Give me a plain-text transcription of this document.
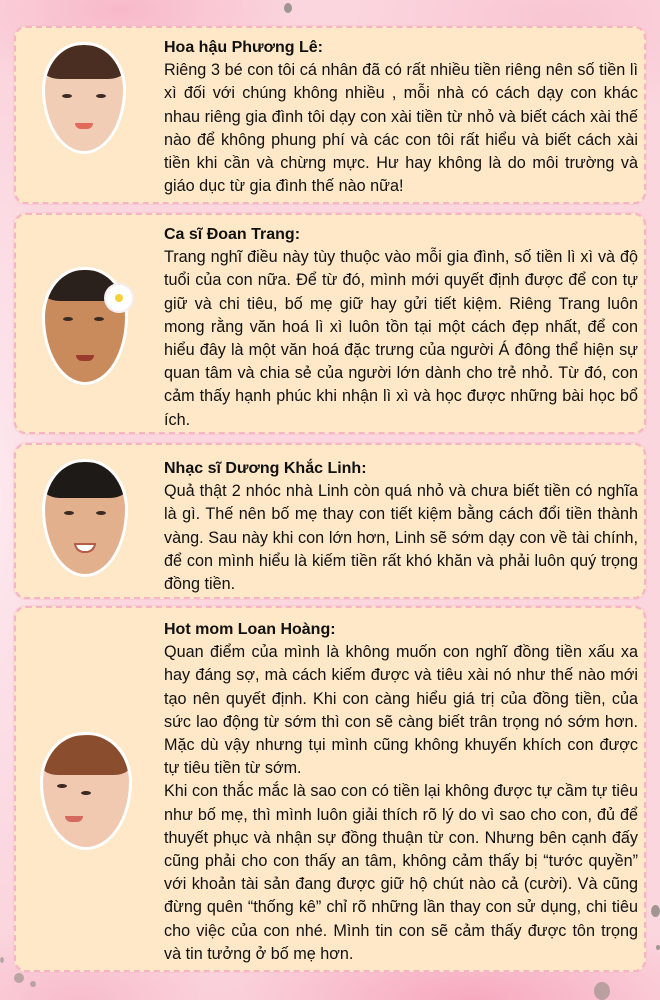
Hoa hậu Phương Lê:
Riêng 3 bé con tôi cá nhân đã có rất nhiều tiền riêng nên số tiền lì xì đối với chúng không nhiều , mỗi nhà có cách dạy con khác nhau riêng gia đình tôi dạy con xài tiền từ nhỏ và biết cách xài thế nào để không phung phí và các con tôi rất hiểu và biết cách xài tiền khi cần và chừng mực. Hư hay không là do môi trường và giáo dục từ gia đình thế nào nữa!
Ca sĩ Đoan Trang:
Trang nghĩ điều này tùy thuộc vào mỗi gia đình, số tiền lì xì và độ tuổi của con nữa. Để từ đó, mình mới quyết định được để con tự giữ và chi tiêu, bố mẹ giữ hay gửi tiết kiệm. Riêng Trang luôn mong rằng văn hoá lì xì luôn tồn tại một cách đẹp nhất, để con hiểu đây là một văn hoá đặc trưng của người Á đông thể hiện sự quan tâm và chia sẻ của người lớn dành cho trẻ nhỏ. Từ đó, con cảm thấy hạnh phúc khi nhận lì xì và học được những bài học bổ ích.
Nhạc sĩ Dương Khắc Linh:
Quả thật 2 nhóc nhà Linh còn quá nhỏ và chưa biết tiền có nghĩa là gì. Thế nên bố mẹ thay con tiết kiệm bằng cách đổi tiền thành vàng. Sau này khi con lớn hơn, Linh sẽ sớm dạy con về tài chính, để con mình hiểu là kiếm tiền rất khó khăn và phải luôn quý trọng đồng tiền.
Hot mom Loan Hoàng:
Quan điểm của mình là không muốn con nghĩ đồng tiền xấu xa hay đáng sợ, mà cách kiếm được và tiêu xài nó như thế nào mới tạo nên quyết định. Khi con càng hiểu giá trị của đồng tiền, của sức lao động từ sớm thì con sẽ càng biết trân trọng nó sớm hơn. Mặc dù vậy nhưng tụi mình cũng không khuyến khích con được tự tiêu tiền từ sớm.
Khi con thắc mắc là sao con có tiền lại không được tự cầm tự tiêu như bố mẹ, thì mình luôn giải thích rõ lý do vì sao cho con, đủ để thuyết phục và nhận sự đồng thuận từ con. Nhưng bên cạnh đấy cũng phải cho con thấy an tâm, không cảm thấy bị “tước quyền” với khoản tài sản đang được giữ hộ chút nào cả (cười). Và cũng đừng quên “thống kê” chỉ rõ những lần thay con sử dụng, chi tiêu cho việc của con nhé. Mình tin con sẽ cảm thấy được tôn trọng và tin tưởng ở bố mẹ hơn.
